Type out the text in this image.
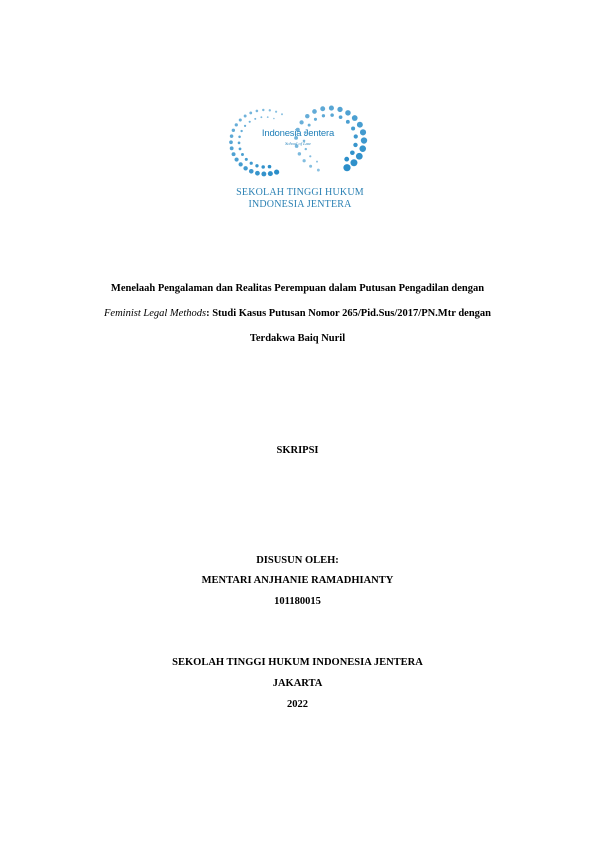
Indonesia Jentera
School of Law
SEKOLAH TINGGI HUKUM
INDONESIA JENTERA
Menelaah Pengalaman dan Realitas Perempuan dalam Putusan Pengadilan dengan
Feminist Legal Methods: Studi Kasus Putusan Nomor 265/Pid.Sus/2017/PN.Mtr dengan
Terdakwa Baiq Nuril
SKRIPSI
DISUSUN OLEH:
MENTARI ANJHANIE RAMADHIANTY
101180015
SEKOLAH TINGGI HUKUM INDONESIA JENTERA
JAKARTA
2022
